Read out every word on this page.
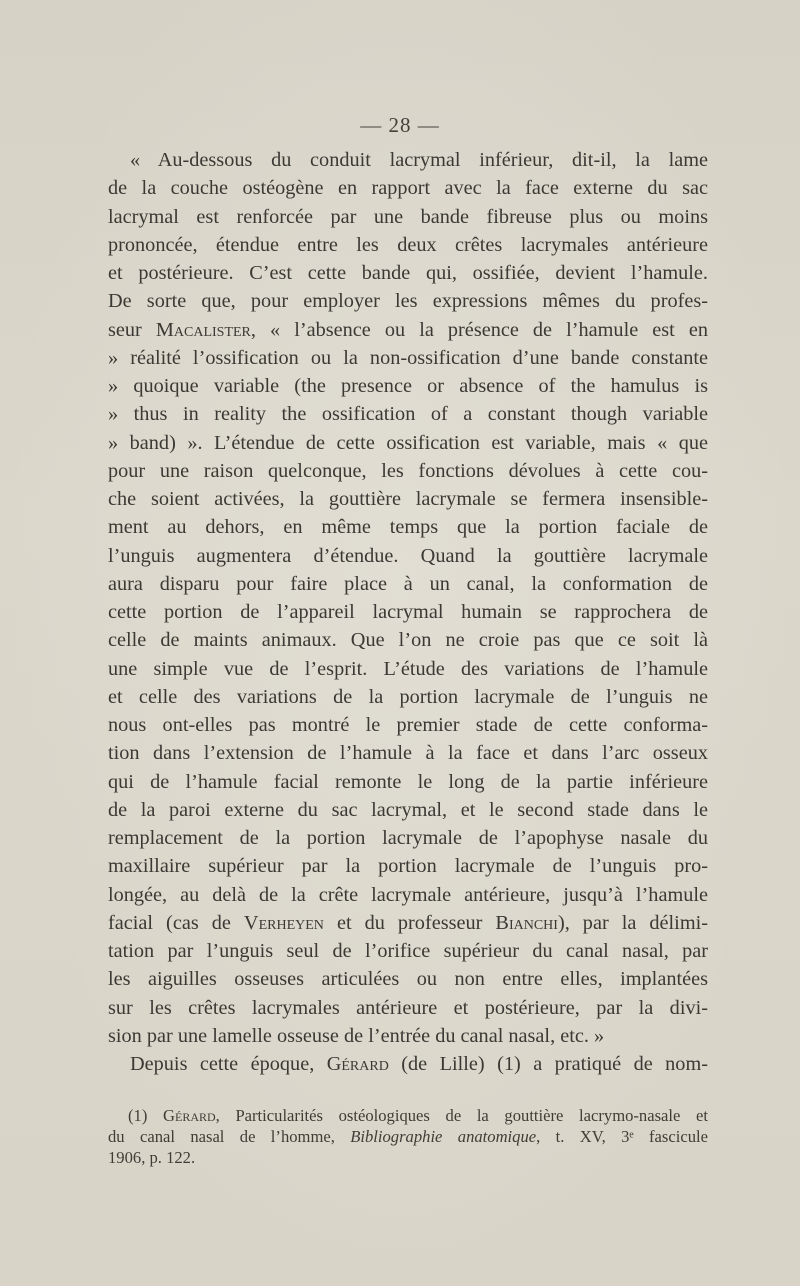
— 28 —
« Au-dessous du conduit lacrymal inférieur, dit-il, la lame
de la couche ostéogène en rapport avec la face externe du sac
lacrymal est renforcée par une bande fibreuse plus ou moins
prononcée, étendue entre les deux crêtes lacrymales antérieure
et postérieure. C’est cette bande qui, ossifiée, devient l’hamule.
De sorte que, pour employer les expressions mêmes du profes-
seur Macalister, « l’absence ou la présence de l’hamule est en
» réalité l’ossification ou la non-ossification d’une bande constante
» quoique variable (the presence or absence of the hamulus is
» thus in reality the ossification of a constant though variable
» band) ». L’étendue de cette ossification est variable, mais « que
pour une raison quelconque, les fonctions dévolues à cette cou-
che soient activées, la gouttière lacrymale se fermera insensible-
ment au dehors, en même temps que la portion faciale de
l’unguis augmentera d’étendue. Quand la gouttière lacrymale
aura disparu pour faire place à un canal, la conformation de
cette portion de l’appareil lacrymal humain se rapprochera de
celle de maints animaux. Que l’on ne croie pas que ce soit là
une simple vue de l’esprit. L’étude des variations de l’hamule
et celle des variations de la portion lacrymale de l’unguis ne
nous ont-elles pas montré le premier stade de cette conforma-
tion dans l’extension de l’hamule à la face et dans l’arc osseux
qui de l’hamule facial remonte le long de la partie inférieure
de la paroi externe du sac lacrymal, et le second stade dans le
remplacement de la portion lacrymale de l’apophyse nasale du
maxillaire supérieur par la portion lacrymale de l’unguis pro-
longée, au delà de la crête lacrymale antérieure, jusqu’à l’hamule
facial (cas de Verheyen et du professeur Bianchi), par la délimi-
tation par l’unguis seul de l’orifice supérieur du canal nasal, par
les aiguilles osseuses articulées ou non entre elles, implantées
sur les crêtes lacrymales antérieure et postérieure, par la divi-
sion par une lamelle osseuse de l’entrée du canal nasal, etc. »
Depuis cette époque, Gérard (de Lille) (1) a pratiqué de nom-
(1) Gérard, Particularités ostéologiques de la gouttière lacrymo-nasale et
du canal nasal de l’homme, Bibliographie anatomique, t. XV, 3ᵉ fascicule
1906, p. 122.
